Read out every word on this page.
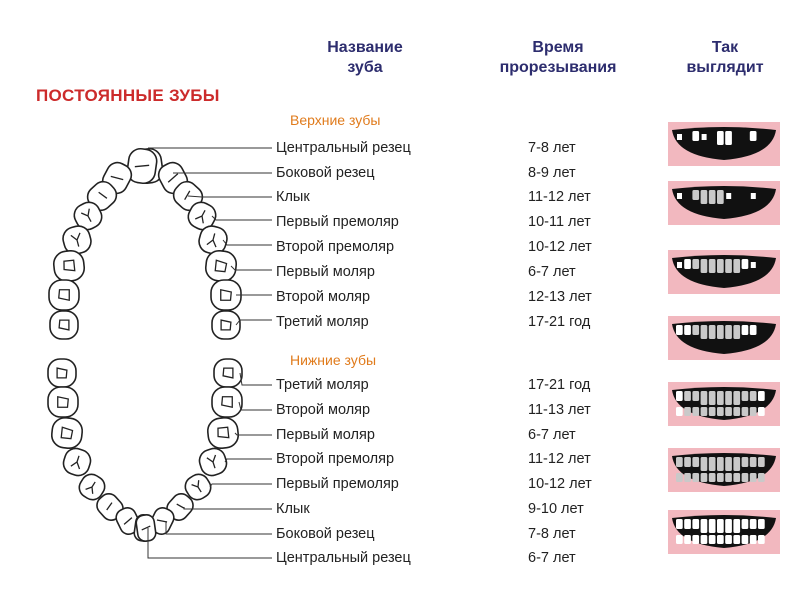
Название
зуба
Время
прорезывания
Так
выглядит
ПОСТОЯННЫЕ ЗУБЫ
Верхние зубы
Нижние зубы
Центральный резец	7-8 лет
Боковой резец	8-9 лет
Клык	11-12 лет
Первый премоляр	10-11 лет
Второй премоляр	10-12 лет
Первый моляр	6-7 лет
Второй моляр	12-13 лет
Третий моляр	17-21 год
Третий моляр	17-21 год
Второй моляр	11-13 лет
Первый моляр	6-7 лет
Второй премоляр	11-12 лет
Первый премоляр	10-12 лет
Клык	9-10 лет
Боковой резец	7-8 лет
Центральный резец	6-7 лет
